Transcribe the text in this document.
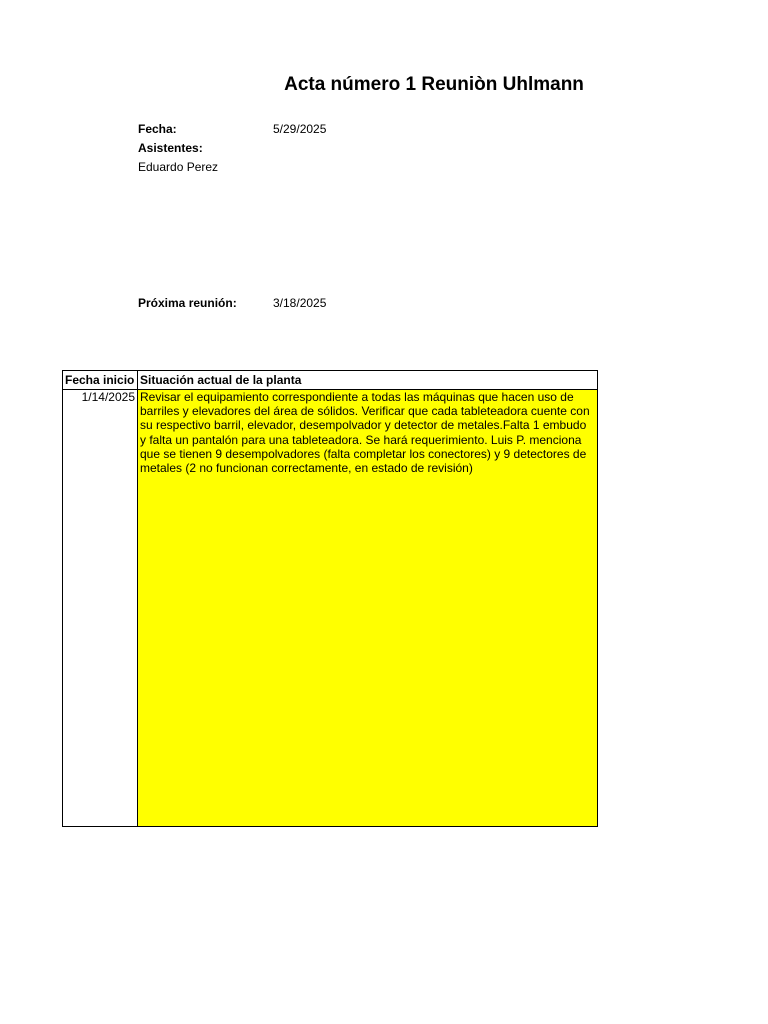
Acta número 1 Reuniòn Uhlmann
Fecha:	5/29/2025
Asistentes:
Eduardo Perez
Próxima reunión:	3/18/2025
Fecha inicio	Situación actual de la planta
1/14/2025	Revisar el equipamiento correspondiente a todas las máquinas que hacen uso de barriles y elevadores del área de sólidos. Verificar que cada tableteadora cuente con su respectivo barril, elevador, desempolvador y detector de metales.Falta 1 embudo y falta un pantalón para una tableteadora. Se hará requerimiento. Luis P. menciona que se tienen 9 desempolvadores (falta completar los conectores) y 9 detectores de metales (2 no funcionan correctamente, en estado de revisión)
